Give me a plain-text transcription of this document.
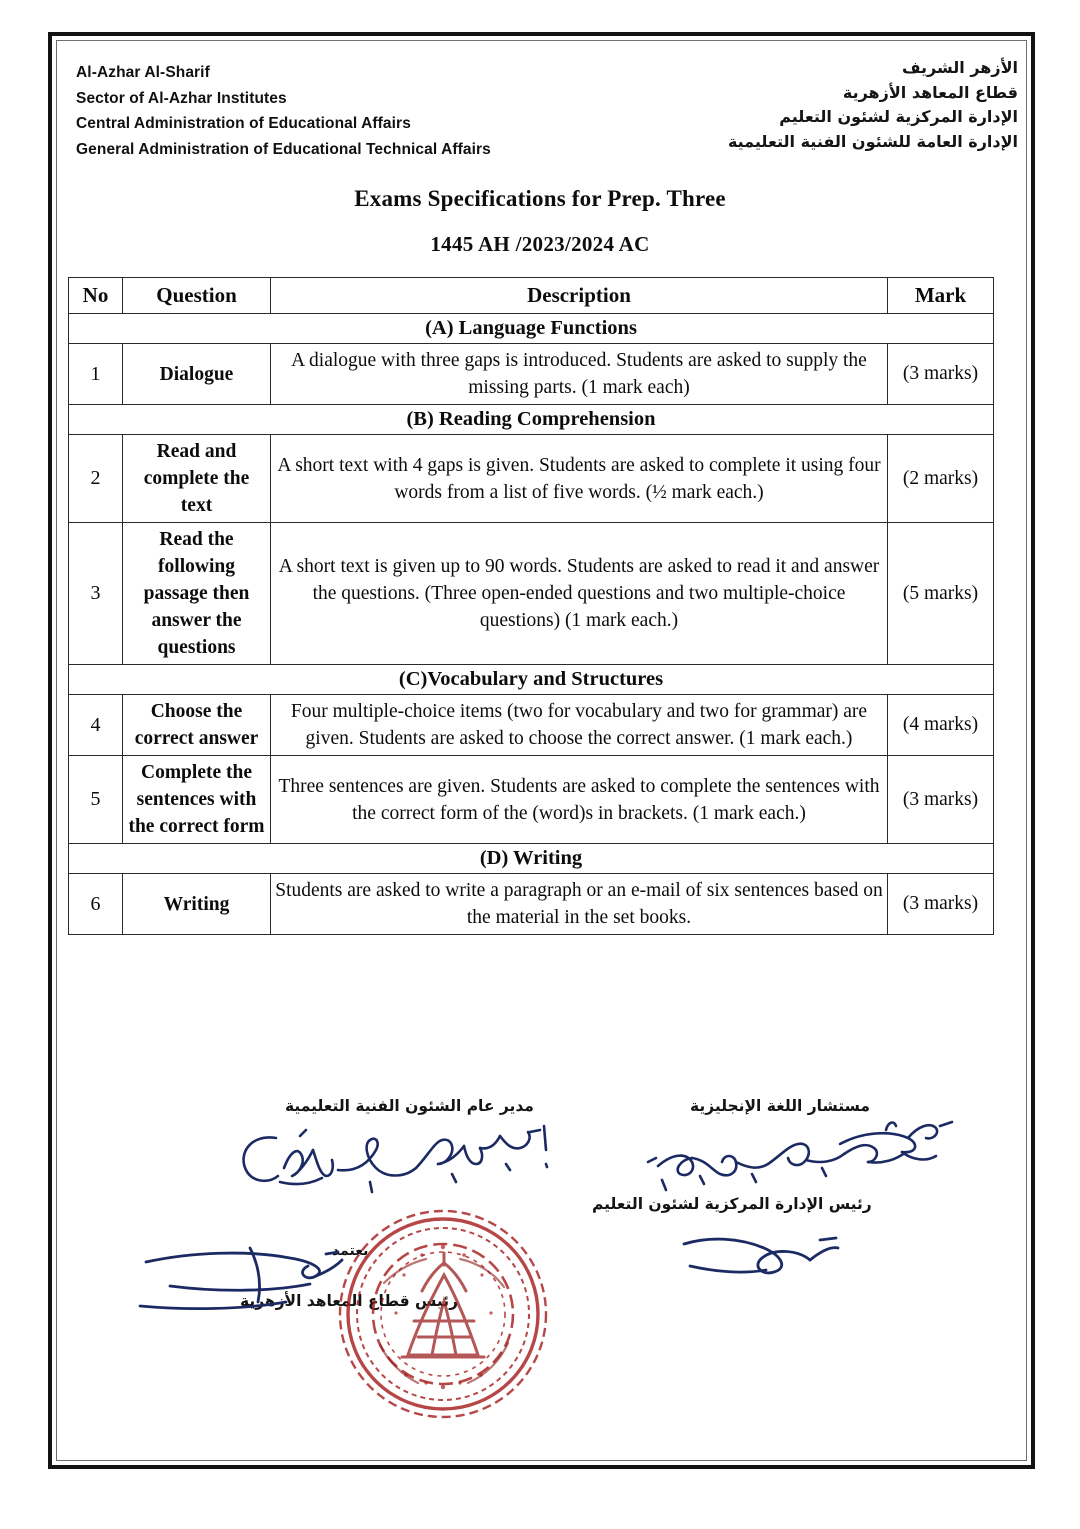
Al-Azhar Al-Sharif
Sector of Al-Azhar Institutes
Central Administration of Educational Affairs
General Administration of Educational Technical Affairs
الأزهر الشريف
قطاع المعاهد الأزهرية
الإدارة المركزية لشئون التعليم
الإدارة العامة للشئون الفنية التعليمية
Exams Specifications for Prep. Three
1445 AH /2023/2024 AC
No	Question	Description	Mark
(A) Language Functions			
1	Dialogue	A dialogue with three gaps is introduced. Students are asked to supply the missing parts. (1 mark each)	(3 marks)
(B) Reading Comprehension			
2	Read and complete the text	A short text with 4 gaps is given. Students are asked to complete it using four words from a list of five words. (½ mark each.)	(2 marks)
3	Read the following passage then answer the questions	A short text is given up to 90 words. Students are asked to read it and answer the questions. (Three open-ended questions and two multiple-choice questions) (1 mark each.)	(5 marks)
(C)Vocabulary and Structures			
4	Choose the correct answer	Four multiple-choice items (two for vocabulary and two for grammar) are given. Students are asked to choose the correct answer. (1 mark each.)	(4 marks)
5	Complete the sentences with the correct form	Three sentences are given. Students are asked to complete the sentences with the correct form of the (word)s in brackets. (1 mark each.)	(3 marks)
(D) Writing			
6	Writing	Students are asked to write a paragraph or an e-mail of six sentences based on the material in the set books.	(3 marks)
مدير عام الشئون الفنية التعليمية	مستشار اللغة الإنجليزية
رئيس الإدارة المركزية لشئون التعليم
يعتمد
رئيس قطاع المعاهد الأزهرية
